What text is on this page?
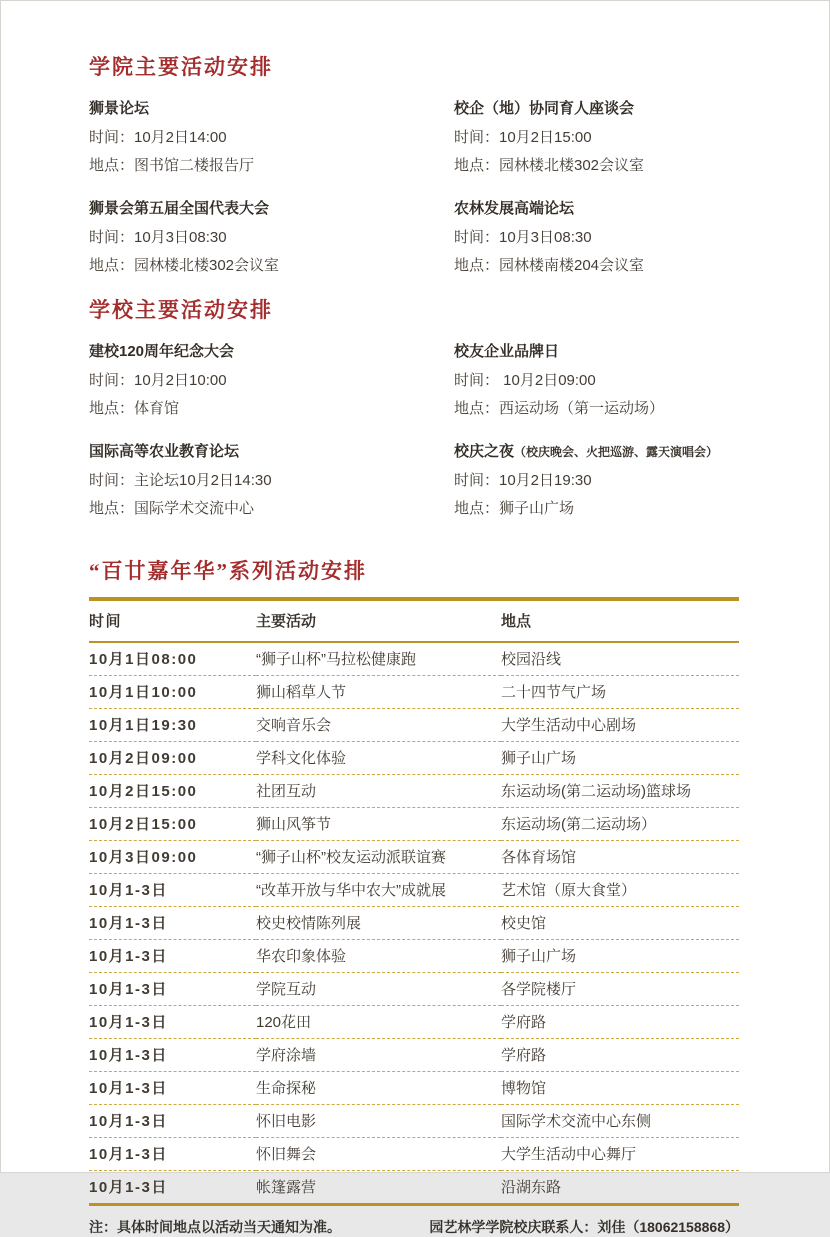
学院主要活动安排
狮景论坛
时间：10月2日14:00
地点：图书馆二楼报告厅
校企（地）协同育人座谈会
时间：10月2日15:00
地点：园林楼北楼302会议室
狮景会第五届全国代表大会
时间：10月3日08:30
地点：园林楼北楼302会议室
农林发展高端论坛
时间：10月3日08:30
地点：园林楼南楼204会议室
学校主要活动安排
建校120周年纪念大会
时间：10月2日10:00
地点：体育馆
校友企业品牌日
时间： 10月2日09:00
地点：西运动场（第一运动场）
国际高等农业教育论坛
时间：主论坛10月2日14:30
地点：国际学术交流中心
校庆之夜（校庆晚会、火把巡游、露天演唱会）
时间：10月2日19:30
地点：狮子山广场
“百廿嘉年华”系列活动安排
时间	主要活动	地点
10月1日08:00	“狮子山杯”马拉松健康跑	校园沿线
10月1日10:00	狮山稻草人节	二十四节气广场
10月1日19:30	交响音乐会	大学生活动中心剧场
10月2日09:00	学科文化体验	狮子山广场
10月2日15:00	社团互动	东运动场(第二运动场)篮球场
10月2日15:00	狮山风筝节	东运动场(第二运动场）
10月3日09:00	“狮子山杯”校友运动派联谊赛	各体育场馆
10月1-3日	“改革开放与华中农大”成就展	艺术馆（原大食堂）
10月1-3日	校史校情陈列展	校史馆
10月1-3日	华农印象体验	狮子山广场
10月1-3日	学院互动	各学院楼厅
10月1-3日	120花田	学府路
10月1-3日	学府涂墙	学府路
10月1-3日	生命探秘	博物馆
10月1-3日	怀旧电影	国际学术交流中心东侧
10月1-3日	怀旧舞会	大学生活动中心舞厅
10月1-3日	帐篷露营	沿湖东路
注：具体时间地点以活动当天通知为准。	园艺林学学院校庆联系人：刘佳（18062158868）
